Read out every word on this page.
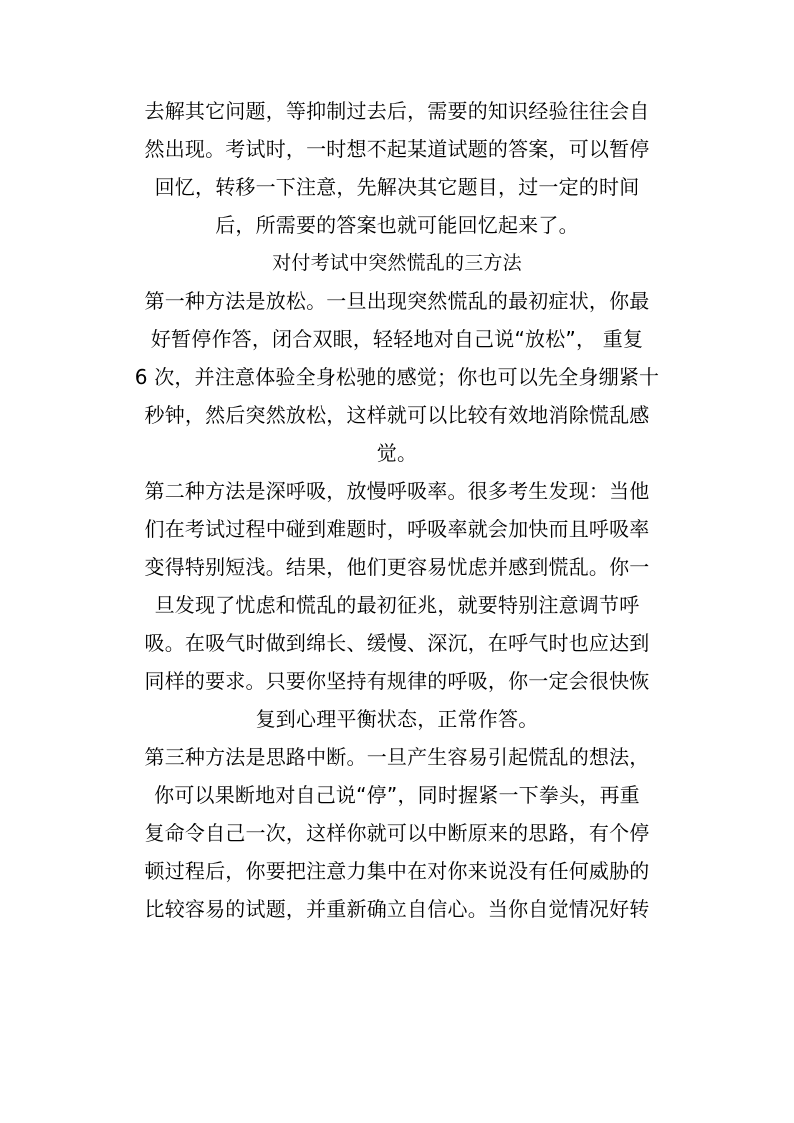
去解其它问题，等抑制过去后，需要的知识经验往往会自
然出现。考试时，一时想不起某道试题的答案，可以暂停
回忆，转移一下注意，先解决其它题目，过一定的时间
后，所需要的答案也就可能回忆起来了。
对付考试中突然慌乱的三方法
第一种方法是放松。一旦出现突然慌乱的最初症状，你最
好暂停作答，闭合双眼，轻轻地对自己说“放松”， 重复
6 次，并注意体验全身松驰的感觉；你也可以先全身绷紧十
秒钟，然后突然放松，这样就可以比较有效地消除慌乱感
觉。
第二种方法是深呼吸，放慢呼吸率。很多考生发现：当他
们在考试过程中碰到难题时，呼吸率就会加快而且呼吸率
变得特别短浅。结果，他们更容易忧虑并感到慌乱。你一
旦发现了忧虑和慌乱的最初征兆，就要特别注意调节呼
吸。在吸气时做到绵长、缓慢、深沉，在呼气时也应达到
同样的要求。只要你坚持有规律的呼吸，你一定会很快恢
复到心理平衡状态，正常作答。
第三种方法是思路中断。一旦产生容易引起慌乱的想法，
你可以果断地对自己说“停”，同时握紧一下拳头，再重
复命令自己一次，这样你就可以中断原来的思路，有个停
顿过程后，你要把注意力集中在对你来说没有任何威胁的
比较容易的试题，并重新确立自信心。当你自觉情况好转
